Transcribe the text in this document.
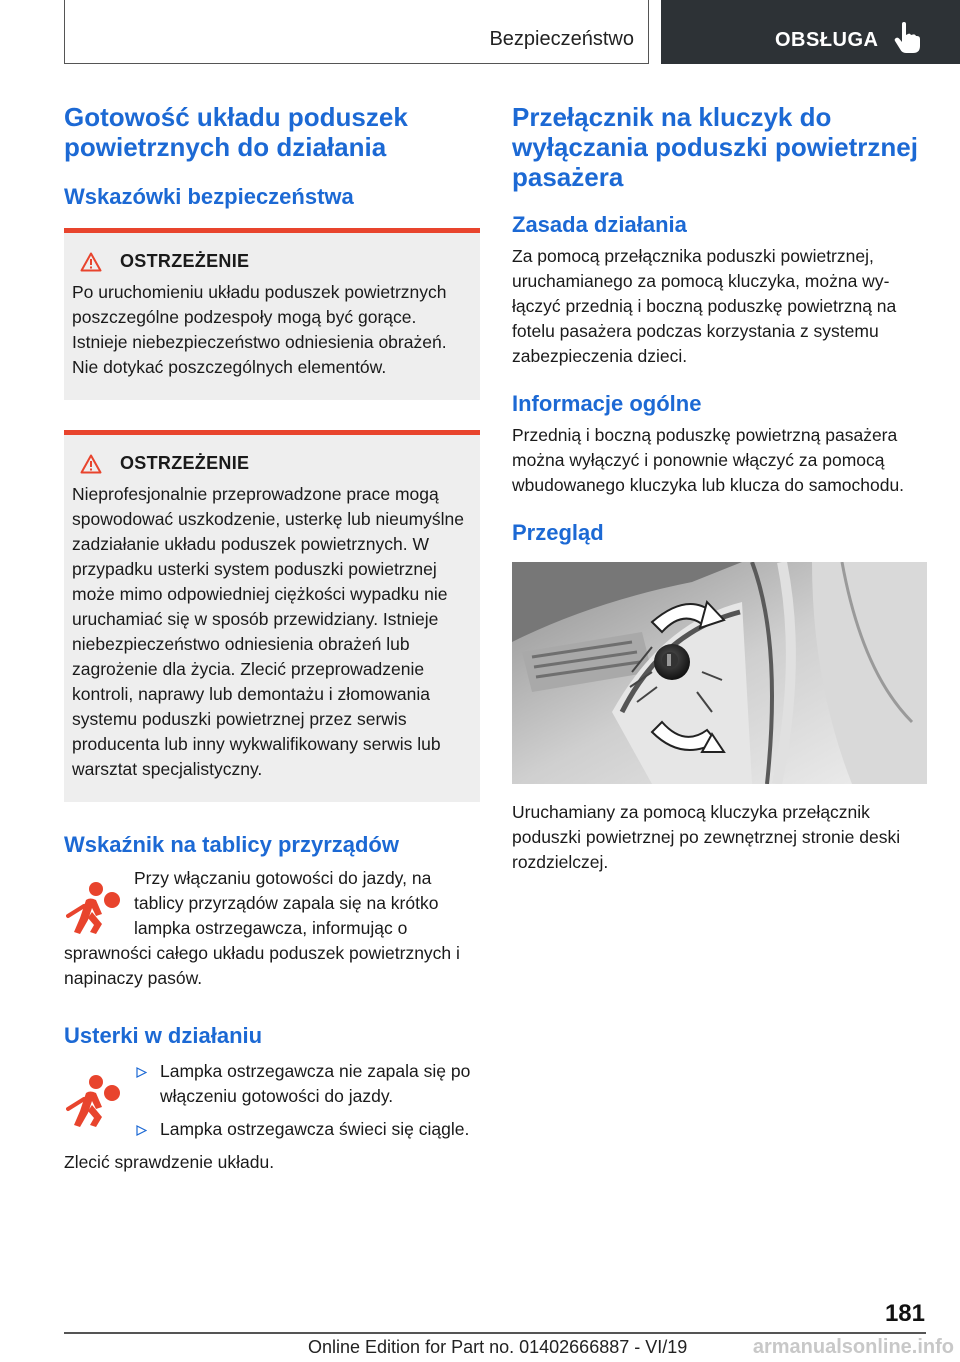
Bezpieczeństwo	OBSŁUGA
Gotowość układu poduszek powietrznych do działania
Wskazówki bezpieczeństwa
OSTRZEŻENIE

Po uruchomieniu układu poduszek powietrznych poszczególne podzespoły mogą być gorące. Istnieje niebezpieczeństwo odniesienia obrażeń. Nie dotykać poszczególnych elementów.

OSTRZEŻENIE

Nieprofesjonalnie przeprowadzone prace mogą spowodować uszkodzenie, usterkę lub nieumyślne zadziałanie układu poduszek powietrznych. W przypadku usterki system poduszki powietrznej może mimo odpowiedniej ciężkości wypadku nie uruchamiać się w sposób przewidziany. Istnieje niebezpieczeństwo odniesienia obrażeń lub zagrożenie dla życia. Zlecić przeprowadzenie kontroli, naprawy lub demontażu i złomowania systemu poduszki powietrznej przez serwis producenta lub inny wykwalifikowany serwis lub warsztat specjalistyczny.

Wskaźnik na tablicy przyrządów

Przy włączaniu gotowości do jazdy, na tablicy przyrządów zapala się na krótko lampka ostrzegawcza, informując o sprawności całego układu poduszek powietrznych i napinaczy pasów.

Usterki w działaniu
Lampka ostrzegawcza nie zapala się po włączeniu gotowości do jazdy.
Lampka ostrzegawcza świeci się ciągle.

Zlecić sprawdzenie układu.

Przełącznik na kluczyk do wyłączania poduszki powietrznej pasażera
Zasada działania

Za pomocą przełącznika poduszki powietrznej, uruchamianego za pomocą kluczyka, można wyłączyć przednią i boczną poduszkę powietrzną na fotelu pasażera podczas korzystania z systemu zabezpieczenia dzieci.

Informacje ogólne

Przednią i boczną poduszkę powietrzną pasażera można wyłączyć i ponownie włączyć za pomocą wbudowanego kluczyka lub klucza do samochodu.

Przegląd

Uruchamiany za pomocą kluczyka przełącznik poduszki powietrznej po zewnętrznej stronie deski rozdzielczej.

181
Online Edition for Part no. 01402666887 - VI/19	armanualsonline.info
